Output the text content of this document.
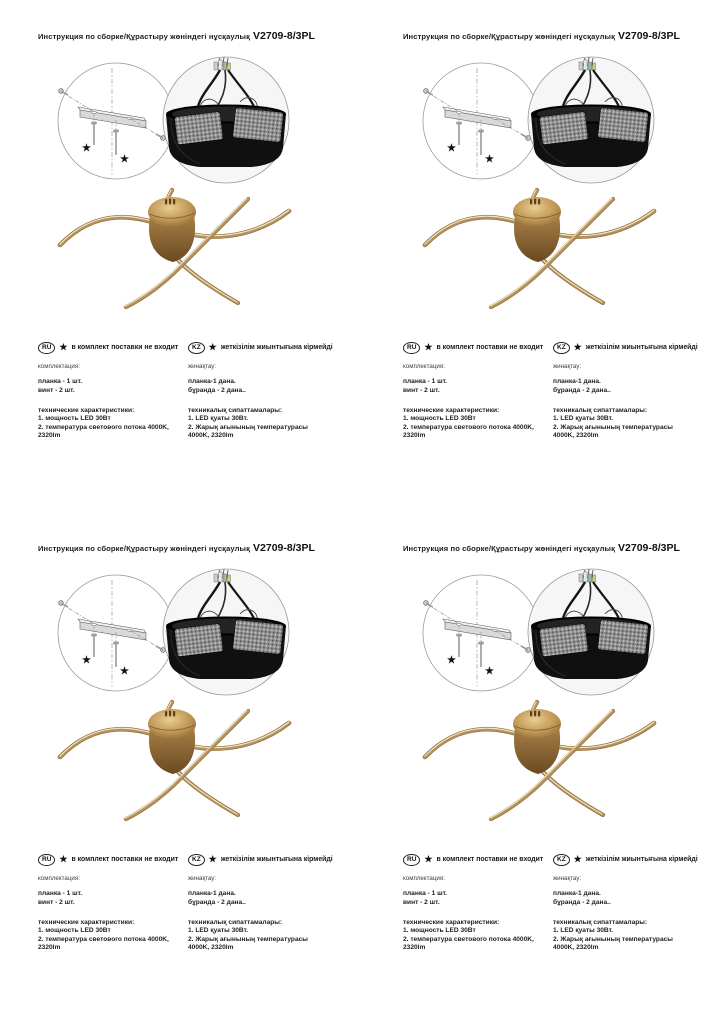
Инструкция по сборке/Құрастыру жөніндегі нұсқаулық V2709-8/3PL
★
★
RU ★ в комплект поставки не входит
комплектация:
планка - 1 шт.
винт - 2 шт.
технические характеристики:
1. мощность LED 30Вт
2. температура светового потока 4000K, 2320lm
KZ ★ жеткізілім жиынтығына кірмейді
жинақтау:
планка-1 дана.
бұранда - 2 дана..
техникалық сипаттамалары:
1. LED қуаты 30Вт.
2. Жарық ағынының температурасы 4000K, 2320lm
Инструкция по сборке/Құрастыру жөніндегі нұсқаулық V2709-8/3PL
★
★
RU ★ в комплект поставки не входит
комплектация:
планка - 1 шт.
винт - 2 шт.
технические характеристики:
1. мощность LED 30Вт
2. температура светового потока 4000K, 2320lm
KZ ★ жеткізілім жиынтығына кірмейді
жинақтау:
планка-1 дана.
бұранда - 2 дана..
техникалық сипаттамалары:
1. LED қуаты 30Вт.
2. Жарық ағынының температурасы 4000K, 2320lm
Инструкция по сборке/Құрастыру жөніндегі нұсқаулық V2709-8/3PL
★
★
RU ★ в комплект поставки не входит
комплектация:
планка - 1 шт.
винт - 2 шт.
технические характеристики:
1. мощность LED 30Вт
2. температура светового потока 4000K, 2320lm
KZ ★ жеткізілім жиынтығына кірмейді
жинақтау:
планка-1 дана.
бұранда - 2 дана..
техникалық сипаттамалары:
1. LED қуаты 30Вт.
2. Жарық ағынының температурасы 4000K, 2320lm
Инструкция по сборке/Құрастыру жөніндегі нұсқаулық V2709-8/3PL
★
★
RU ★ в комплект поставки не входит
комплектация:
планка - 1 шт.
винт - 2 шт.
технические характеристики:
1. мощность LED 30Вт
2. температура светового потока 4000K, 2320lm
KZ ★ жеткізілім жиынтығына кірмейді
жинақтау:
планка-1 дана.
бұранда - 2 дана..
техникалық сипаттамалары:
1. LED қуаты 30Вт.
2. Жарық ағынының температурасы 4000K, 2320lm
